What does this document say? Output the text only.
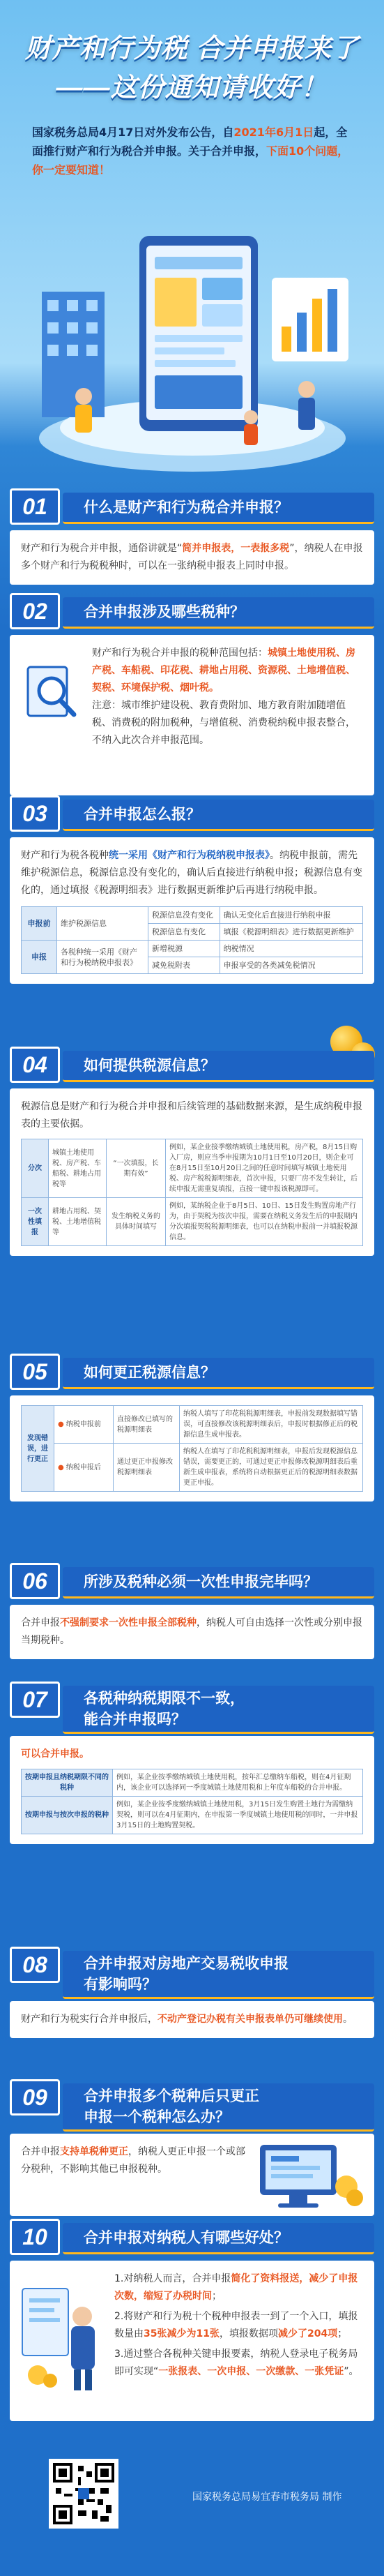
财产和行为税 合并申报来了
——这份通知请收好！
国家税务总局4月17日对外发布公告，自2021年6月1日起，全面推行财产和行为税合并申报。关于合并申报，下面10个问题，你一定要知道！
01	什么是财产和行为税合并申报？

财产和行为税合并申报，通俗讲就是“简并申报表，一表报多税”，纳税人在申报多个财产和行为税税种时，可以在一张纳税申报表上同时申报。

02	合并申报涉及哪些税种？

财产和行为税合并申报的税种范围包括：城镇土地使用税、房产税、车船税、印花税、耕地占用税、资源税、土地增值税、契税、环境保护税、烟叶税。

注意：城市维护建设税、教育费附加、地方教育附加随增值税、消费税的附加税种，与增值税、消费税纳税申报表整合，不纳入此次合并申报范围。

03	合并申报怎么报？

财产和行为税各税种统一采用《财产和行为税纳税申报表》。纳税申报前，需先维护税源信息，税源信息没有变化的，确认后直接进行纳税申报；税源信息有变化的，通过填报《税源明细表》进行数据更新维护后再进行纳税申报。

申报前	维护税源信息	税源信息没有变化	确认无变化后直接进行纳税申报
		税源信息有变化	填报《税源明细表》进行数据更新维护
申报	各税种统一采用《财产和行为税纳税申报表》	新增税源	纳税情况
		减免税附表	申报享受的各类减免税情况
04	如何提供税源信息？

税源信息是财产和行为税合并申报和后续管理的基础数据来源，是生成纳税申报表的主要依据。

分次	城镇土地使用税、房产税、车船税、耕地占用税等	“一次填报，长期有效”	例如，某企业接季缴纳城镇土地使用税，房产税，8月15日购入厂房，则应当季申报期为10月1日至10月20日，则企业可在8月15日至10月20日之间的任意时间填写城镇土地使用税、房产税税源明细表，首次申报，只要厂房不发生转让，后续申报无需重复填报，直接一键申报该税源即可。
一次性填报	耕地占用税、契税、土地增值税等	发生纳税义务的具体时间填写	例如，某纳税企业于8月5日、10日、15日发生购置房地产行为，由于契税为按次申报，需要在纳税义务发生后的申报期内分次填报契税税源明细表，也可以在纳税申报前一并填报税源信息。
05	如何更正税源信息？
发现错误，进行更正	● 纳税申报前	直接修改已填写的税源明细表	纳税人填写了印花税税源明细表，申报前发现数据填写错误，可直接修改该税源明细表后，申报时根据修正后的税源信息生成申报表。
	● 纳税申报后	通过更正申报修改税源明细表	纳税人在填写了印花税税源明细表，申报后发现税源信息错误，需要更正的，可通过更正申报修改税源明细表后重新生成申报表，系统将自动根据更正后的税源明细表数据更正申报。
06	所涉及税种必须一次性申报完毕吗？

合并申报不强制要求一次性申报全部税种，纳税人可自由选择一次性或分别申报当期税种。

07	各税种纳税期限不一致，
能合并申报吗？

可以合并申报。

按期申报且纳税期限不同的税种	例如，某企业按季缴纳城镇土地使用税，按年汇总缴纳车船税，则在4月征期内，该企业可以选择同一季度城镇土地使用税和上年度车船税的合并申报。
按期申报与按次申报的税种	例如，某企业按季度缴纳城镇土地使用税，3月15日发生购置土地行为需缴纳契税，则可以在4月征期内，在申报第一季度城镇土地使用税的同时，一并申报3月15日的土地购置契税。
08	合并申报对房地产交易税收申报
有影响吗？

财产和行为税实行合并申报后，不动产登记办税有关申报表单仍可继续使用。

09	合并申报多个税种后只更正
申报一个税种怎么办？

合并申报支持单税种更正，纳税人更正申报一个或部分税种，不影响其他已申报税种。

10	合并申报对纳税人有哪些好处？

1.对纳税人而言，合并申报简化了资料报送，减少了申报次数，缩短了办税时间；

2.将财产和行为税十个税种申报表一到了一个入口，填报数量由35张减少为11张，填报数据项减少了204项；

3.通过整合各税种关键申报要素，纳税人登录电子税务局即可实现“一张报表、一次申报、一次缴款、一张凭证”。

国家税务总局易宜春市税务局 制作
